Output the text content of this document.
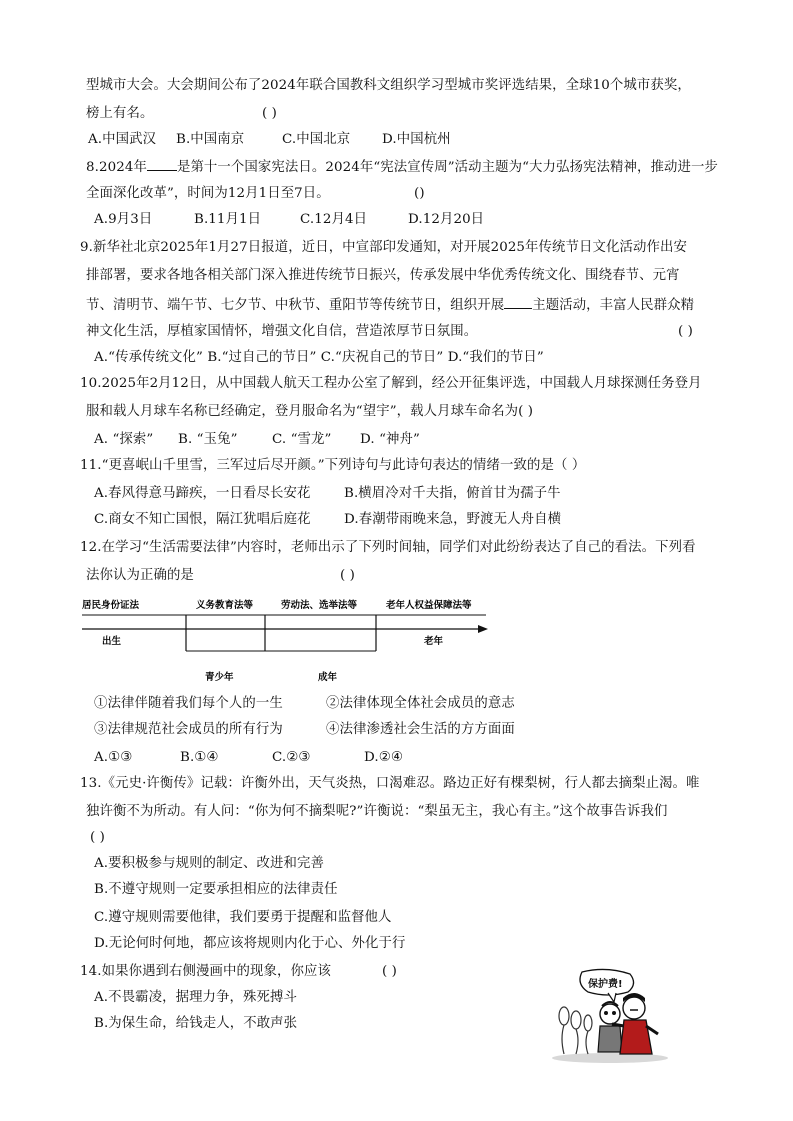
型城市大会。大会期间公布了2024年联合国教科文组织学习型城市奖评选结果，全球10个城市获奖，
榜上有名。	( )
A.中国武汉 B.中国南京	C.中国北京 D.中国杭州
8.2024年 是第十一个国家宪法日。2024年“宪法宣传周”活动主题为“大力弘扬宪法精神，推动进一步
全面深化改革”，时间为12月1日至7日。	()
A.9月3日	B.11月1日	C.12月4日	D.12月20日
9.新华社北京2025年1月27日报道，近日，中宣部印发通知，对开展2025年传统节日文化活动作出安
排部署，要求各地各相关部门深入推进传统节日振兴，传承发展中华优秀传统文化、围绕春节、元宵
节、清明节、端午节、七夕节、中秋节、重阳节等传统节日，组织开展 主题活动，丰富人民群众精
神文化生活，厚植家国情怀，增强文化自信，营造浓厚节日氛围。	( )
A.“传承传统文化” B.“过自己的节日” C.“庆祝自己的节日” D.“我们的节日”
10.2025年2月12日，从中国载人航天工程办公室了解到，经公开征集评选，中国载人月球探测任务登月
服和载人月球车名称已经确定，登月服命名为“望宇”，载人月球车命名为( )
A. “探索” B. “玉兔”	C. “雪龙” D. “神舟”
11.“更喜岷山千里雪，三军过后尽开颜。”下列诗句与此诗句表达的情绪一致的是（ ）
A.春风得意马蹄疾，一日看尽长安花	B.横眉冷对千夫指，俯首甘为孺子牛
C.商女不知亡国恨，隔江犹唱后庭花 D.春潮带雨晚来急，野渡无人舟自横
12.在学习“生活需要法律”内容时，老师出示了下列时间轴，同学们对此纷纷表达了自己的看法。下列看
法你认为正确的是	( )
居民身份证法	义务教育法等	劳动法、选举法等	老年人权益保障法等
出生	老年
青少年	成年
①法律伴随着我们每个人的一生	②法律体现全体社会成员的意志
③法律规范社会成员的所有行为	④法律渗透社会生活的方方面面
A.①③	B.①④	C.②③	D.②④
13.《元史·许衡传》记载：许衡外出，天气炎热，口渴难忍。路边正好有棵梨树，行人都去摘梨止渴。唯
独许衡不为所动。有人问：“你为何不摘梨呢?”许衡说：“梨虽无主，我心有主。”这个故事告诉我们
( )
A.要积极参与规则的制定、改进和完善
B.不遵守规则一定要承担相应的法律责任
C.遵守规则需要他律，我们要勇于提醒和监督他人
D.无论何时何地，都应该将规则内化于心、外化于行
14.如果你遇到右侧漫画中的现象，你应该	( )
A.不畏霸凌，据理力争，殊死搏斗
B.为保生命，给钱走人，不敢声张
保护费!
